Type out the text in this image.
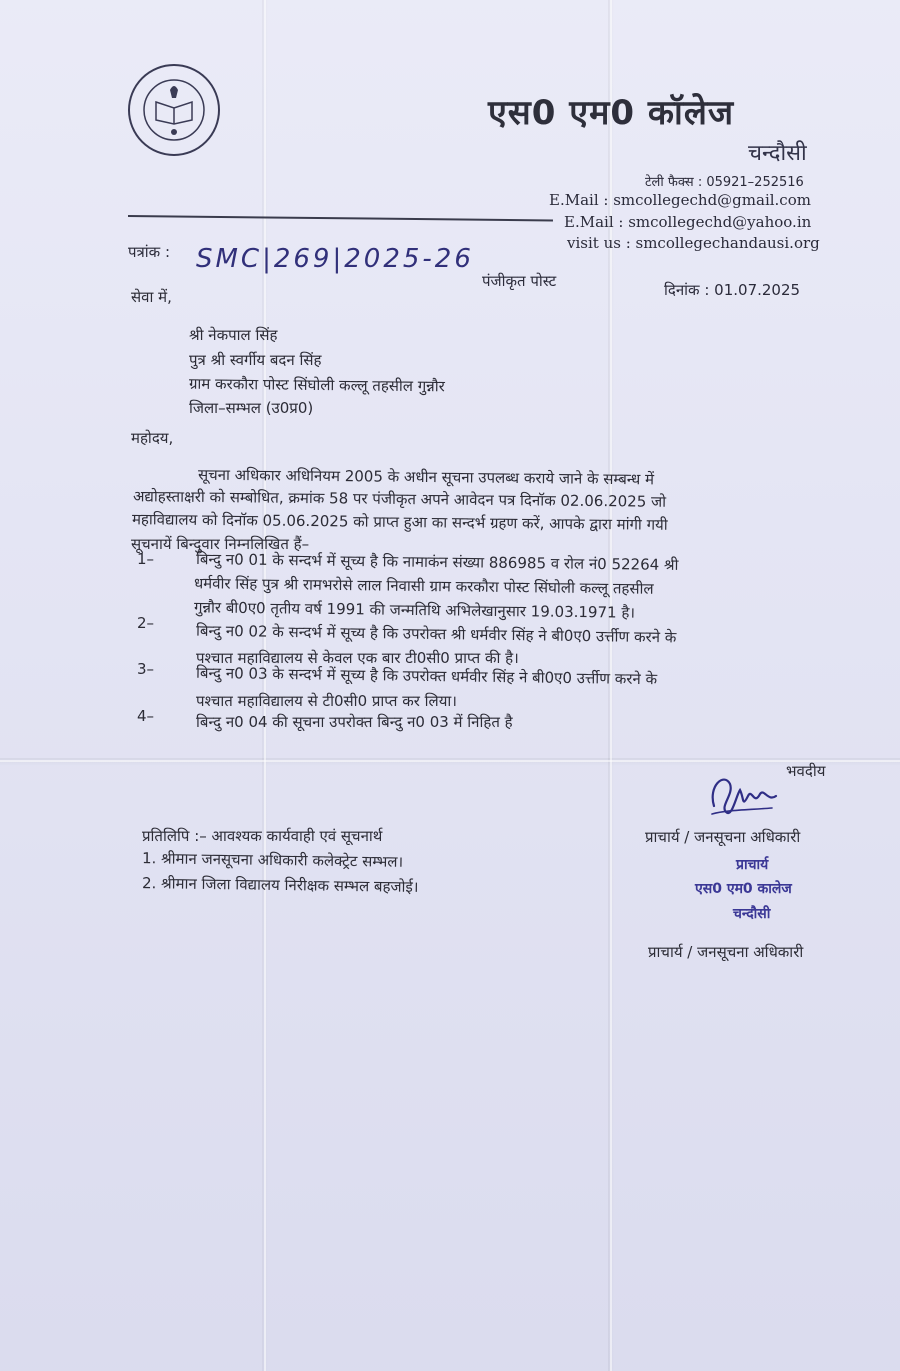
एस0 एम0 कॉलेज
चन्दौसी
टेली फैक्स : 05921–252516
E.Mail : smcollegechd@gmail.com
E.Mail : smcollegechd@yahoo.in
visit us : smcollegechandausi.org
पत्रांक : SMC|269|2025-26
पंजीकृत पोस्ट	दिनांक : 01.07.2025
सेवा में,
श्री नेकपाल सिंह
पुत्र श्री स्वर्गीय बदन सिंह
ग्राम करकौरा पोस्ट सिंघोली कल्लू तहसील गुन्नौर
जिला–सम्भल (उ0प्र0)
महोदय,
सूचना अधिकार अधिनियम 2005 के अधीन सूचना उपलब्ध कराये जाने के सम्बन्ध में
अद्योहस्ताक्षरी को सम्बोधित, क्रमांक 58 पर पंजीकृत अपने आवेदन पत्र दिनॉक 02.06.2025 जो
महाविद्यालय को दिनॉक 05.06.2025 को प्राप्त हुआ का सन्दर्भ ग्रहण करें, आपके द्वारा मांगी गयी
सूचनायें बिन्दुवार निम्नलिखित हैं–
1–	बिन्दु न0 01 के सन्दर्भ में सूच्य है कि नामाकंन संख्या 886985 व रोल नं0 52264 श्री
धर्मवीर सिंह पुत्र श्री रामभरोसे लाल निवासी ग्राम करकौरा पोस्ट सिंघोली कल्लू तहसील
गुन्नौर बी0ए0 तृतीय वर्ष 1991 की जन्मतिथि अभिलेखानुसार 19.03.1971 है।
2–	बिन्दु न0 02 के सन्दर्भ में सूच्य है कि उपरोक्त श्री धर्मवीर सिंह ने बी0ए0 उर्त्तीण करने के
पश्चात महाविद्यालय से केवल एक बार टी0सी0 प्राप्त की है।
3–	बिन्दु न0 03 के सन्दर्भ में सूच्य है कि उपरोक्त धर्मवीर सिंह ने बी0ए0 उर्त्तीण करने के
पश्चात महाविद्यालय से टी0सी0 प्राप्त कर लिया।
4–	बिन्दु न0 04 की सूचना उपरोक्त बिन्दु न0 03 में निहित है
भवदीय
प्राचार्य / जनसूचना अधिकारी
प्राचार्य
एस0 एम0 कालेज
चन्दौसी
प्राचार्य / जनसूचना अधिकारी
प्रतिलिपि :– आवश्यक कार्यवाही एवं सूचनार्थ
1. श्रीमान जनसूचना अधिकारी कलेक्ट्रेट सम्भल।
2. श्रीमान जिला विद्यालय निरीक्षक सम्भल बहजोई।
